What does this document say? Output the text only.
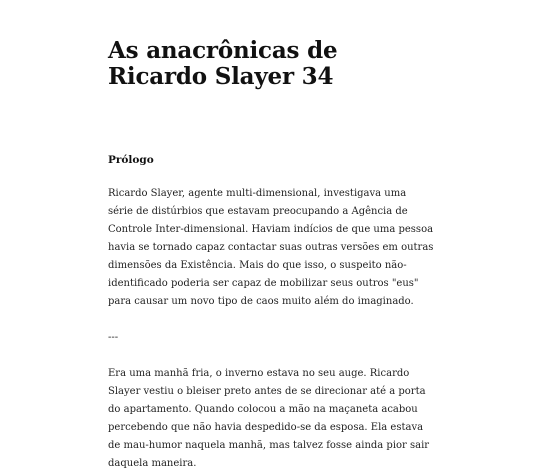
As anacrônicas de Ricardo Slayer 34
Prólogo

Ricardo Slayer, agente multi-dimensional, investigava uma série de distúrbios que estavam preocupando a Agência de Controle Inter-dimensional. Haviam indícios de que uma pessoa havia se tornado capaz contactar suas outras versões em outras dimensões da Existência. Mais do que isso, o suspeito não-identificado poderia ser capaz de mobilizar seus outros "eus" para causar um novo tipo de caos muito além do imaginado.

---

Era uma manhã fria, o inverno estava no seu auge. Ricardo Slayer vestiu o bleiser preto antes de se direcionar até a porta do apartamento. Quando colocou a mão na maçaneta acabou percebendo que não havia despedido-se da esposa. Ela estava de mau-humor naquela manhã, mas talvez fosse ainda pior sair daquela maneira.
